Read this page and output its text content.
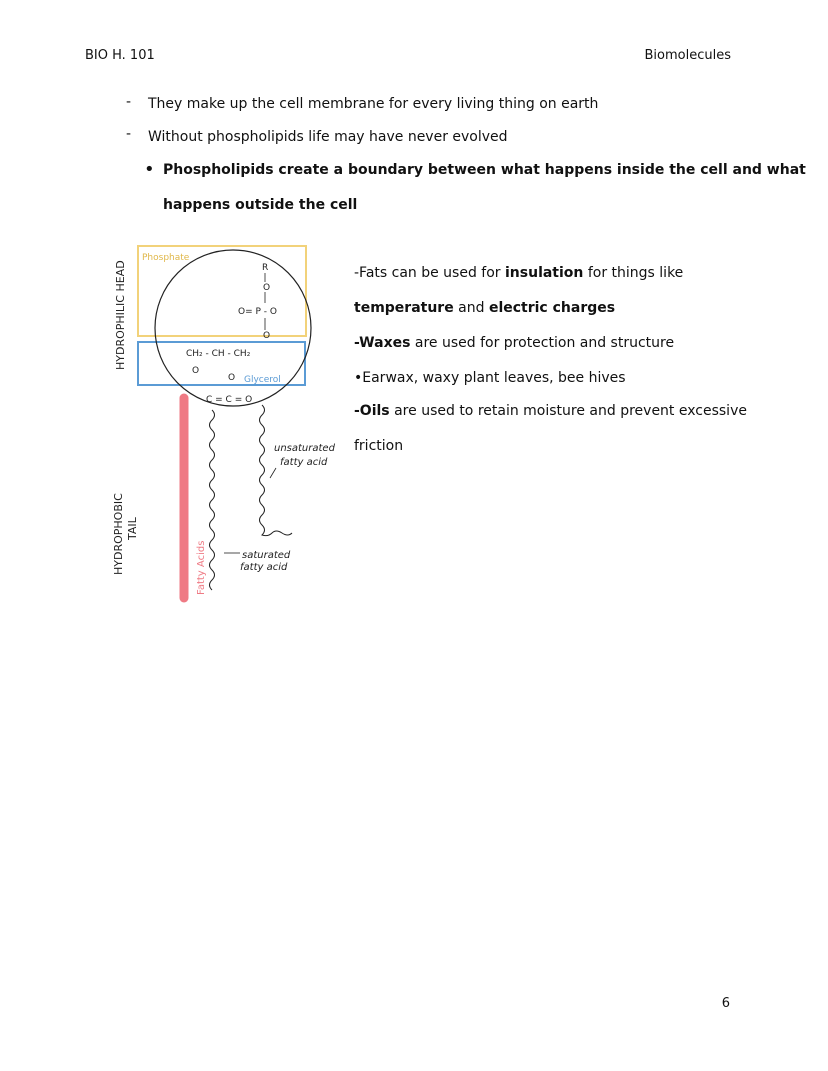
BIO H. 101	Biomolecules
- They make up the cell membrane for every living thing on earth
- Without phospholipids life may have never evolved
• Phospholipids create a boundary between what happens inside the cell and what
happens outside the cell
HYDROPHILIC HEAD
HYDROPHOBIC TAIL
Phosphate
Glycerol
R
O
O= P - O
O
CH₂ - CH - CH₂
O
O
C = C = O
Fatty Acids
unsaturated
fatty acid
saturated
fatty acid
-Fats can be used for insulation for things like
temperature and electric charges
-Waxes are used for protection and structure
•Earwax, waxy plant leaves, bee hives
-Oils are used to retain moisture and prevent excessive
friction
6
